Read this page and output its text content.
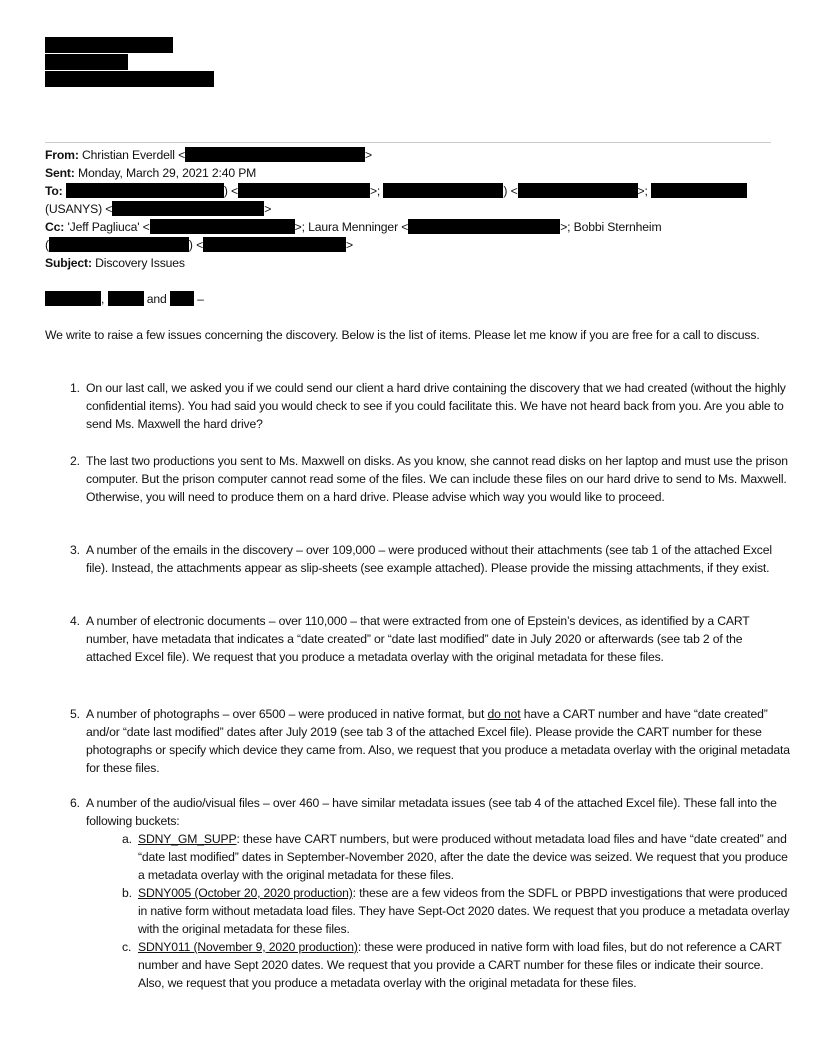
From: Christian Everdell <	>
Sent: Monday, March 29, 2021 2:40 PM
To:	) <	>;	) <	>;
(USANYS) <	>
Cc: 'Jeff Pagliuca' <	>; Laura Menninger <	>; Bobbi Sternheim
(	) <	>
Subject: Discovery Issues
,	and	–
We write to raise a few issues concerning the discovery. Below is the list of items. Please let me know if you are free for a call to discuss.
1. On our last call, we asked you if we could send our client a hard drive containing the discovery that we had created (without the highly confidential items). You had said you would check to see if you could facilitate this. We have not heard back from you. Are you able to send Ms. Maxwell the hard drive?
2. The last two productions you sent to Ms. Maxwell on disks. As you know, she cannot read disks on her laptop and must use the prison computer. But the prison computer cannot read some of the files. We can include these files on our hard drive to send to Ms. Maxwell. Otherwise, you will need to produce them on a hard drive. Please advise which way you would like to proceed.
3. A number of the emails in the discovery – over 109,000 – were produced without their attachments (see tab 1 of the attached Excel file). Instead, the attachments appear as slip-sheets (see example attached). Please provide the missing attachments, if they exist.
4. A number of electronic documents – over 110,000 – that were extracted from one of Epstein’s devices, as identified by a CART number, have metadata that indicates a “date created” or “date last modified” date in July 2020 or afterwards (see tab 2 of the attached Excel file). We request that you produce a metadata overlay with the original metadata for these files.
5. A number of photographs – over 6500 – were produced in native format, but do not have a CART number and have “date created” and/or “date last modified” dates after July 2019 (see tab 3 of the attached Excel file). Please provide the CART number for these photographs or specify which device they came from. Also, we request that you produce a metadata overlay with the original metadata for these files.
6. A number of the audio/visual files – over 460 – have similar metadata issues (see tab 4 of the attached Excel file). These fall into the following buckets:
a. SDNY_GM_SUPP: these have CART numbers, but were produced without metadata load files and have “date created” and “date last modified” dates in September-November 2020, after the date the device was seized. We request that you produce a metadata overlay with the original metadata for these files.
b. SDNY005 (October 20, 2020 production): these are a few videos from the SDFL or PBPD investigations that were produced in native form without metadata load files. They have Sept-Oct 2020 dates. We request that you produce a metadata overlay with the original metadata for these files.
c. SDNY011 (November 9, 2020 production): these were produced in native form with load files, but do not reference a CART number and have Sept 2020 dates. We request that you provide a CART number for these files or indicate their source. Also, we request that you produce a metadata overlay with the original metadata for these files.
